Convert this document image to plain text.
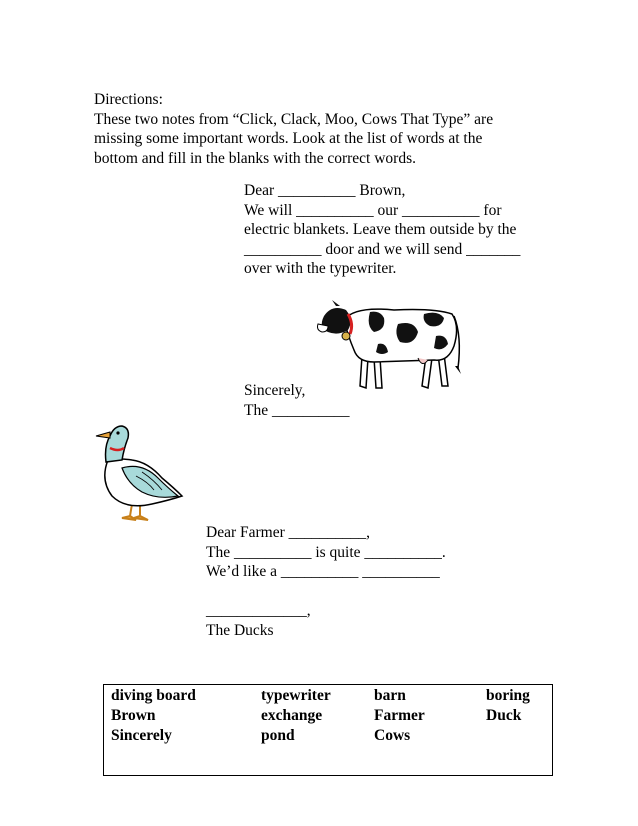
Directions:

These two notes from “Click, Clack, Moo, Cows That Type” are

missing some important words. Look at the list of words at the

bottom and fill in the blanks with the correct words.

Dear __________ Brown,
We will __________ our __________ for
electric blankets. Leave them outside by the
__________ door and we will send _______
over with the typewriter.
Sincerely,
The __________
Dear Farmer __________,
The __________ is quite __________.
We’d like a __________ __________
_____________,
The Ducks
diving board
Brown
Sincerely
typewriter
exchange
pond
barn
Farmer
Cows
boring
Duck
